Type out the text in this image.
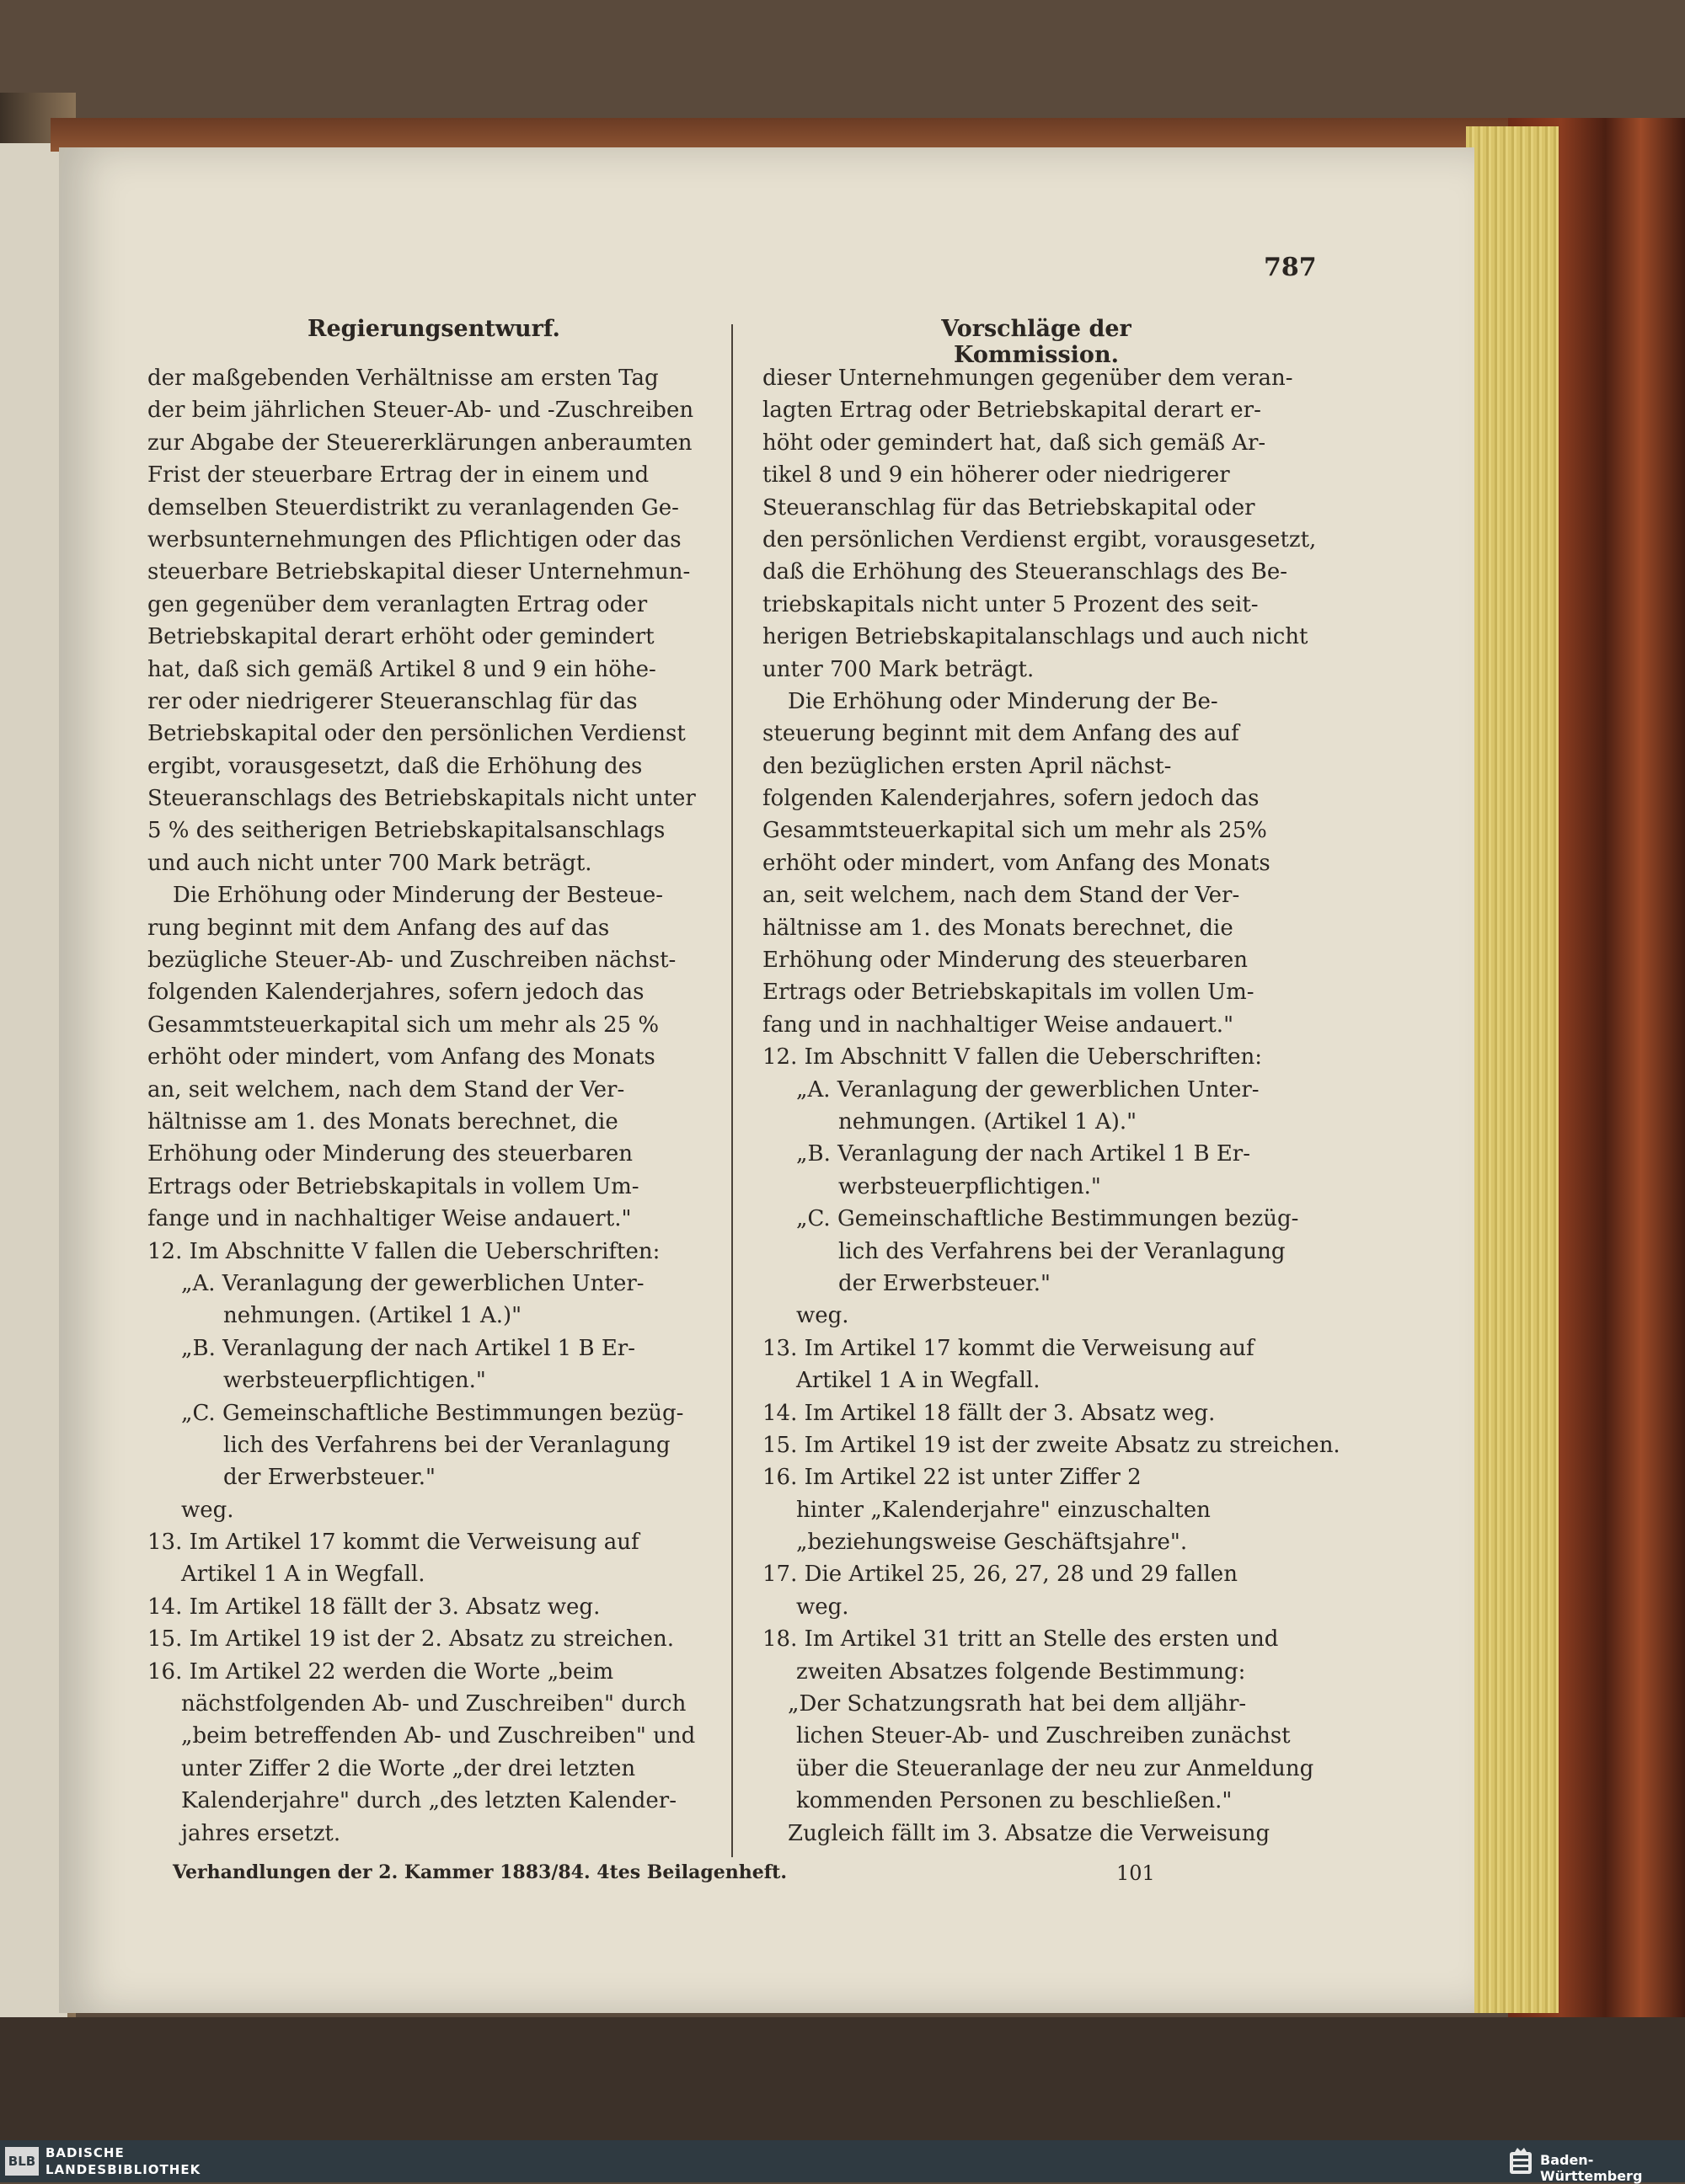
787
Regierungsentwurf.	Vorschläge der Kommission.
der maßgebenden Verhältnisse am ersten Tag
der beim jährlichen Steuer-Ab- und -Zuschreiben
zur Abgabe der Steuererklärungen anberaumten
Frist der steuerbare Ertrag der in einem und
demselben Steuerdistrikt zu veranlagenden Ge-
werbsunternehmungen des Pflichtigen oder das
steuerbare Betriebskapital dieser Unternehmun-
gen gegenüber dem veranlagten Ertrag oder
Betriebskapital derart erhöht oder gemindert
hat, daß sich gemäß Artikel 8 und 9 ein höhe-
rer oder niedrigerer Steueranschlag für das
Betriebskapital oder den persönlichen Verdienst
ergibt, vorausgesetzt, daß die Erhöhung des
Steueranschlags des Betriebskapitals nicht unter
5 % des seitherigen Betriebskapitalsanschlags
und auch nicht unter 700 Mark beträgt.
Die Erhöhung oder Minderung der Besteue-
rung beginnt mit dem Anfang des auf das
bezügliche Steuer-Ab- und Zuschreiben nächst-
folgenden Kalenderjahres, sofern jedoch das
Gesammtsteuerkapital sich um mehr als 25 %
erhöht oder mindert, vom Anfang des Monats
an, seit welchem, nach dem Stand der Ver-
hältnisse am 1. des Monats berechnet, die
Erhöhung oder Minderung des steuerbaren
Ertrags oder Betriebskapitals in vollem Um-
fange und in nachhaltiger Weise andauert."
12. Im Abschnitte V fallen die Ueberschriften:
„A. Veranlagung der gewerblichen Unter-
nehmungen. (Artikel 1 A.)"
„B. Veranlagung der nach Artikel 1 B Er-
werbsteuerpflichtigen."
„C. Gemeinschaftliche Bestimmungen bezüg-
lich des Verfahrens bei der Veranlagung
der Erwerbsteuer."
weg.
13. Im Artikel 17 kommt die Verweisung auf
Artikel 1 A in Wegfall.
14. Im Artikel 18 fällt der 3. Absatz weg.
15. Im Artikel 19 ist der 2. Absatz zu streichen.
16. Im Artikel 22 werden die Worte „beim
nächstfolgenden Ab- und Zuschreiben" durch
„beim betreffenden Ab- und Zuschreiben" und
unter Ziffer 2 die Worte „der drei letzten
Kalenderjahre" durch „des letzten Kalender-
jahres ersetzt.
dieser Unternehmungen gegenüber dem veran-
lagten Ertrag oder Betriebskapital derart er-
höht oder gemindert hat, daß sich gemäß Ar-
tikel 8 und 9 ein höherer oder niedrigerer
Steueranschlag für das Betriebskapital oder
den persönlichen Verdienst ergibt, vorausgesetzt,
daß die Erhöhung des Steueranschlags des Be-
triebskapitals nicht unter 5 Prozent des seit-
herigen Betriebskapitalanschlags und auch nicht
unter 700 Mark beträgt.
Die Erhöhung oder Minderung der Be-
steuerung beginnt mit dem Anfang des auf
den bezüglichen ersten April nächst-
folgenden Kalenderjahres, sofern jedoch das
Gesammtsteuerkapital sich um mehr als 25%
erhöht oder mindert, vom Anfang des Monats
an, seit welchem, nach dem Stand der Ver-
hältnisse am 1. des Monats berechnet, die
Erhöhung oder Minderung des steuerbaren
Ertrags oder Betriebskapitals im vollen Um-
fang und in nachhaltiger Weise andauert."
12. Im Abschnitt V fallen die Ueberschriften:
„A. Veranlagung der gewerblichen Unter-
nehmungen. (Artikel 1 A)."
„B. Veranlagung der nach Artikel 1 B Er-
werbsteuerpflichtigen."
„C. Gemeinschaftliche Bestimmungen bezüg-
lich des Verfahrens bei der Veranlagung
der Erwerbsteuer."
weg.
13. Im Artikel 17 kommt die Verweisung auf
Artikel 1 A in Wegfall.
14. Im Artikel 18 fällt der 3. Absatz weg.
15. Im Artikel 19 ist der zweite Absatz zu streichen.
16. Im Artikel 22 ist unter Ziffer 2
hinter „Kalenderjahre" einzuschalten
„beziehungsweise Geschäftsjahre".
17. Die Artikel 25, 26, 27, 28 und 29 fallen
weg.
18. Im Artikel 31 tritt an Stelle des ersten und
zweiten Absatzes folgende Bestimmung:
„Der Schatzungsrath hat bei dem alljähr-
lichen Steuer-Ab- und Zuschreiben zunächst
über die Steueranlage der neu zur Anmeldung
kommenden Personen zu beschließen."
Zugleich fällt im 3. Absatze die Verweisung
Verhandlungen der 2. Kammer 1883/84. 4tes Beilagenheft.	101
BLB
BADISCHE
LANDESBIBLIOTHEK
Baden-Württemberg
